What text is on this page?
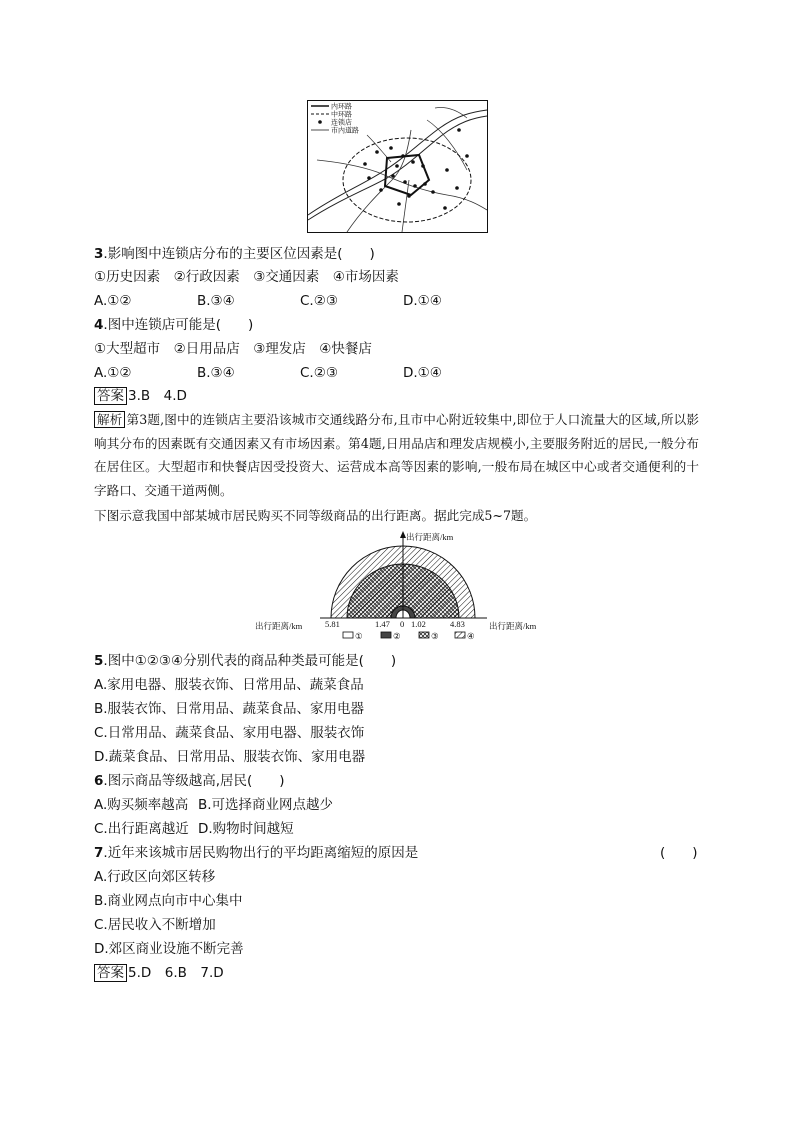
内环路
中环路
连锁店
市内道路
3.影响图中连锁店分布的主要区位因素是(　　)
①历史因素　②行政因素　③交通因素　④市场因素
A.①②	B.③④	C.②③	D.①④
4.图中连锁店可能是(　　)
①大型超市　②日用品店　③理发店　④快餐店
A.①②	B.③④	C.②③	D.①④
答案 3.B　4.D
解析 第3题,图中的连锁店主要沿该城市交通线路分布,且市中心附近较集中,即位于人口流量大的区域,所以影响其分布的因素既有交通因素又有市场因素。第4题,日用品店和理发店规模小,主要服务附近的居民,一般分布在居住区。大型超市和快餐店因受投资大、运营成本高等因素的影响,一般布局在城区中心或者交通便利的十字路口、交通干道两侧。
下图示意我国中部某城市居民购买不同等级商品的出行距离。据此完成5~7题。
出行距离/km
出行距离/km	出行距离/km
5.81	1.47 0 1.02	4.83
①	②	③	④
5.图中①②③④分别代表的商品种类最可能是(　　)
A.家用电器、服装衣饰、日常用品、蔬菜食品
B.服装衣饰、日常用品、蔬菜食品、家用电器
C.日常用品、蔬菜食品、家用电器、服装衣饰
D.蔬菜食品、日常用品、服装衣饰、家用电器
6.图示商品等级越高,居民(　　)
A.购买频率越高 B.可选择商业网点越少
C.出行距离越近 D.购物时间越短
7.近年来该城市居民购物出行的平均距离缩短的原因是	(　　)
A.行政区向郊区转移
B.商业网点向市中心集中
C.居民收入不断增加
D.郊区商业设施不断完善
答案 5.D　6.B　7.D
